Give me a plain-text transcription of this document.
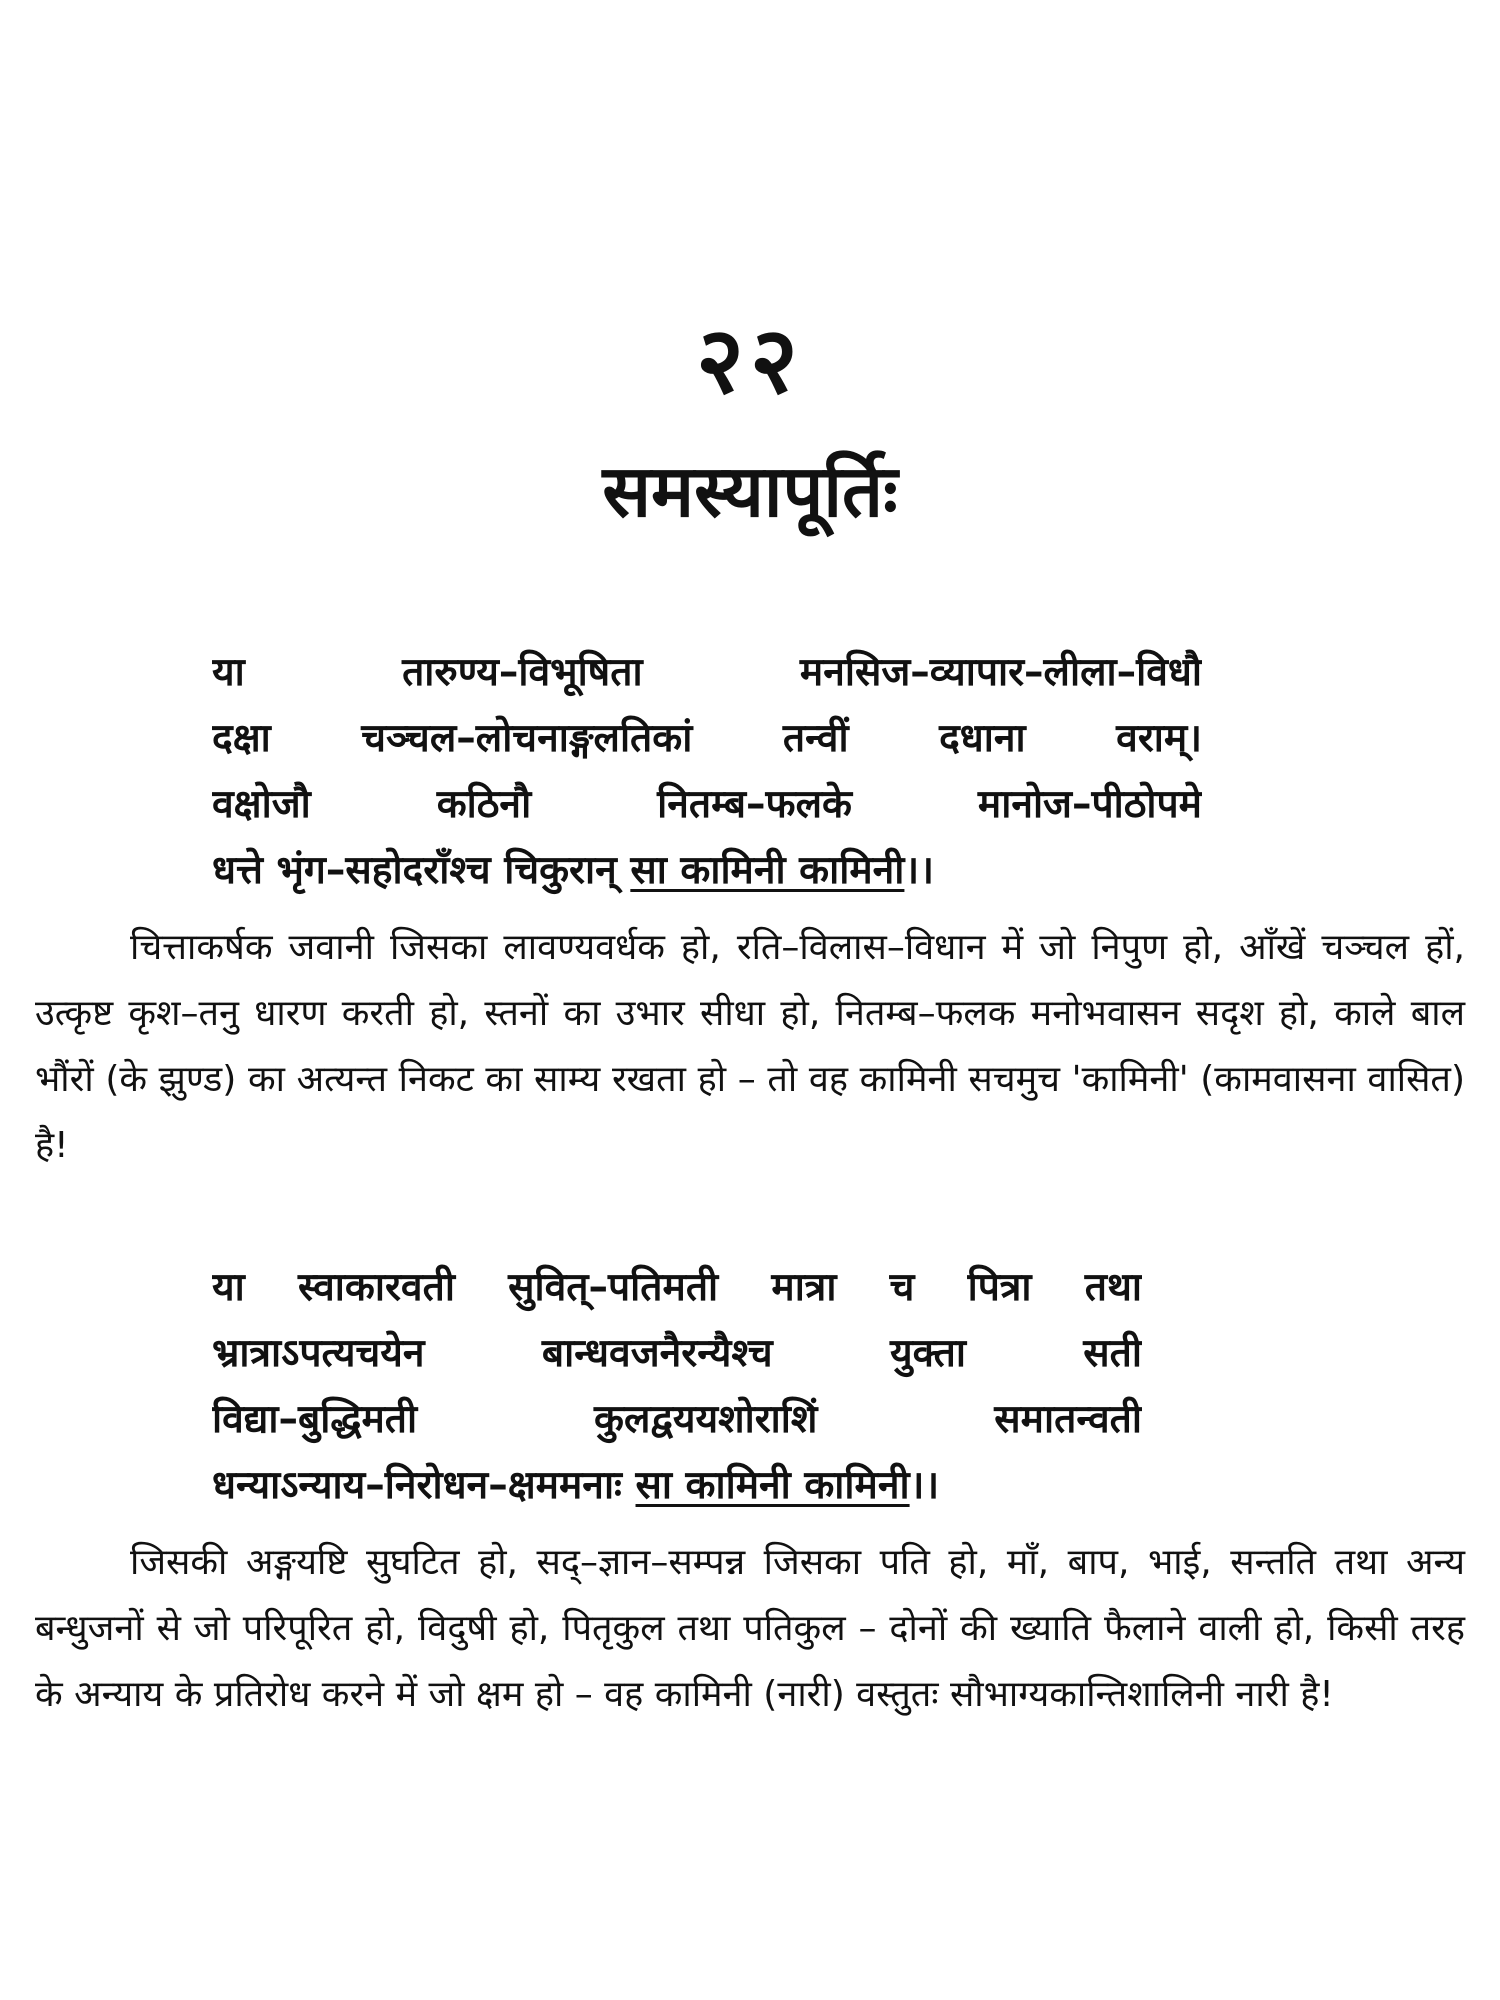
२२
समस्यापूर्तिः
या तारुण्य–विभूषिता मनसिज–व्यापार–लीला–विधौ
दक्षा चञ्चल–लोचनाङ्गलतिकां तन्वीं दधाना वराम्।
वक्षोजौ कठिनौ नितम्ब–फलके मानोज–पीठोपमे
धत्ते भृंग–सहोदराँश्च चिकुरान् सा कामिनी कामिनी।।
चित्ताकर्षक जवानी जिसका लावण्यवर्धक हो, रति–विलास–विधान में जो निपुण हो, आँखें चञ्चल हों, उत्कृष्ट कृश–तनु धारण करती हो, स्तनों का उभार सीधा हो, नितम्ब–फलक मनोभवासन सदृश हो, काले बाल भौंरों (के झुण्ड) का अत्यन्त निकट का साम्य रखता हो – तो वह कामिनी सचमुच 'कामिनी' (कामवासना वासित) है!
या स्वाकारवती सुवित्–पतिमती मात्रा च पित्रा तथा
भ्रात्राऽपत्यचयेन बान्धवजनैरन्यैश्च युक्ता सती
विद्या–बुद्धिमती कुलद्वययशोराशिं समातन्वती
धन्याऽन्याय–निरोधन–क्षममनाः सा कामिनी कामिनी।।
जिसकी अङ्गयष्टि सुघटित हो, सद्–ज्ञान–सम्पन्न जिसका पति हो, माँ, बाप, भाई, सन्तति तथा अन्य बन्धुजनों से जो परिपूरित हो, विदुषी हो, पितृकुल तथा पतिकुल – दोनों की ख्याति फैलाने वाली हो, किसी तरह के अन्याय के प्रतिरोध करने में जो क्षम हो – वह कामिनी (नारी) वस्तुतः सौभाग्यकान्तिशालिनी नारी है!
